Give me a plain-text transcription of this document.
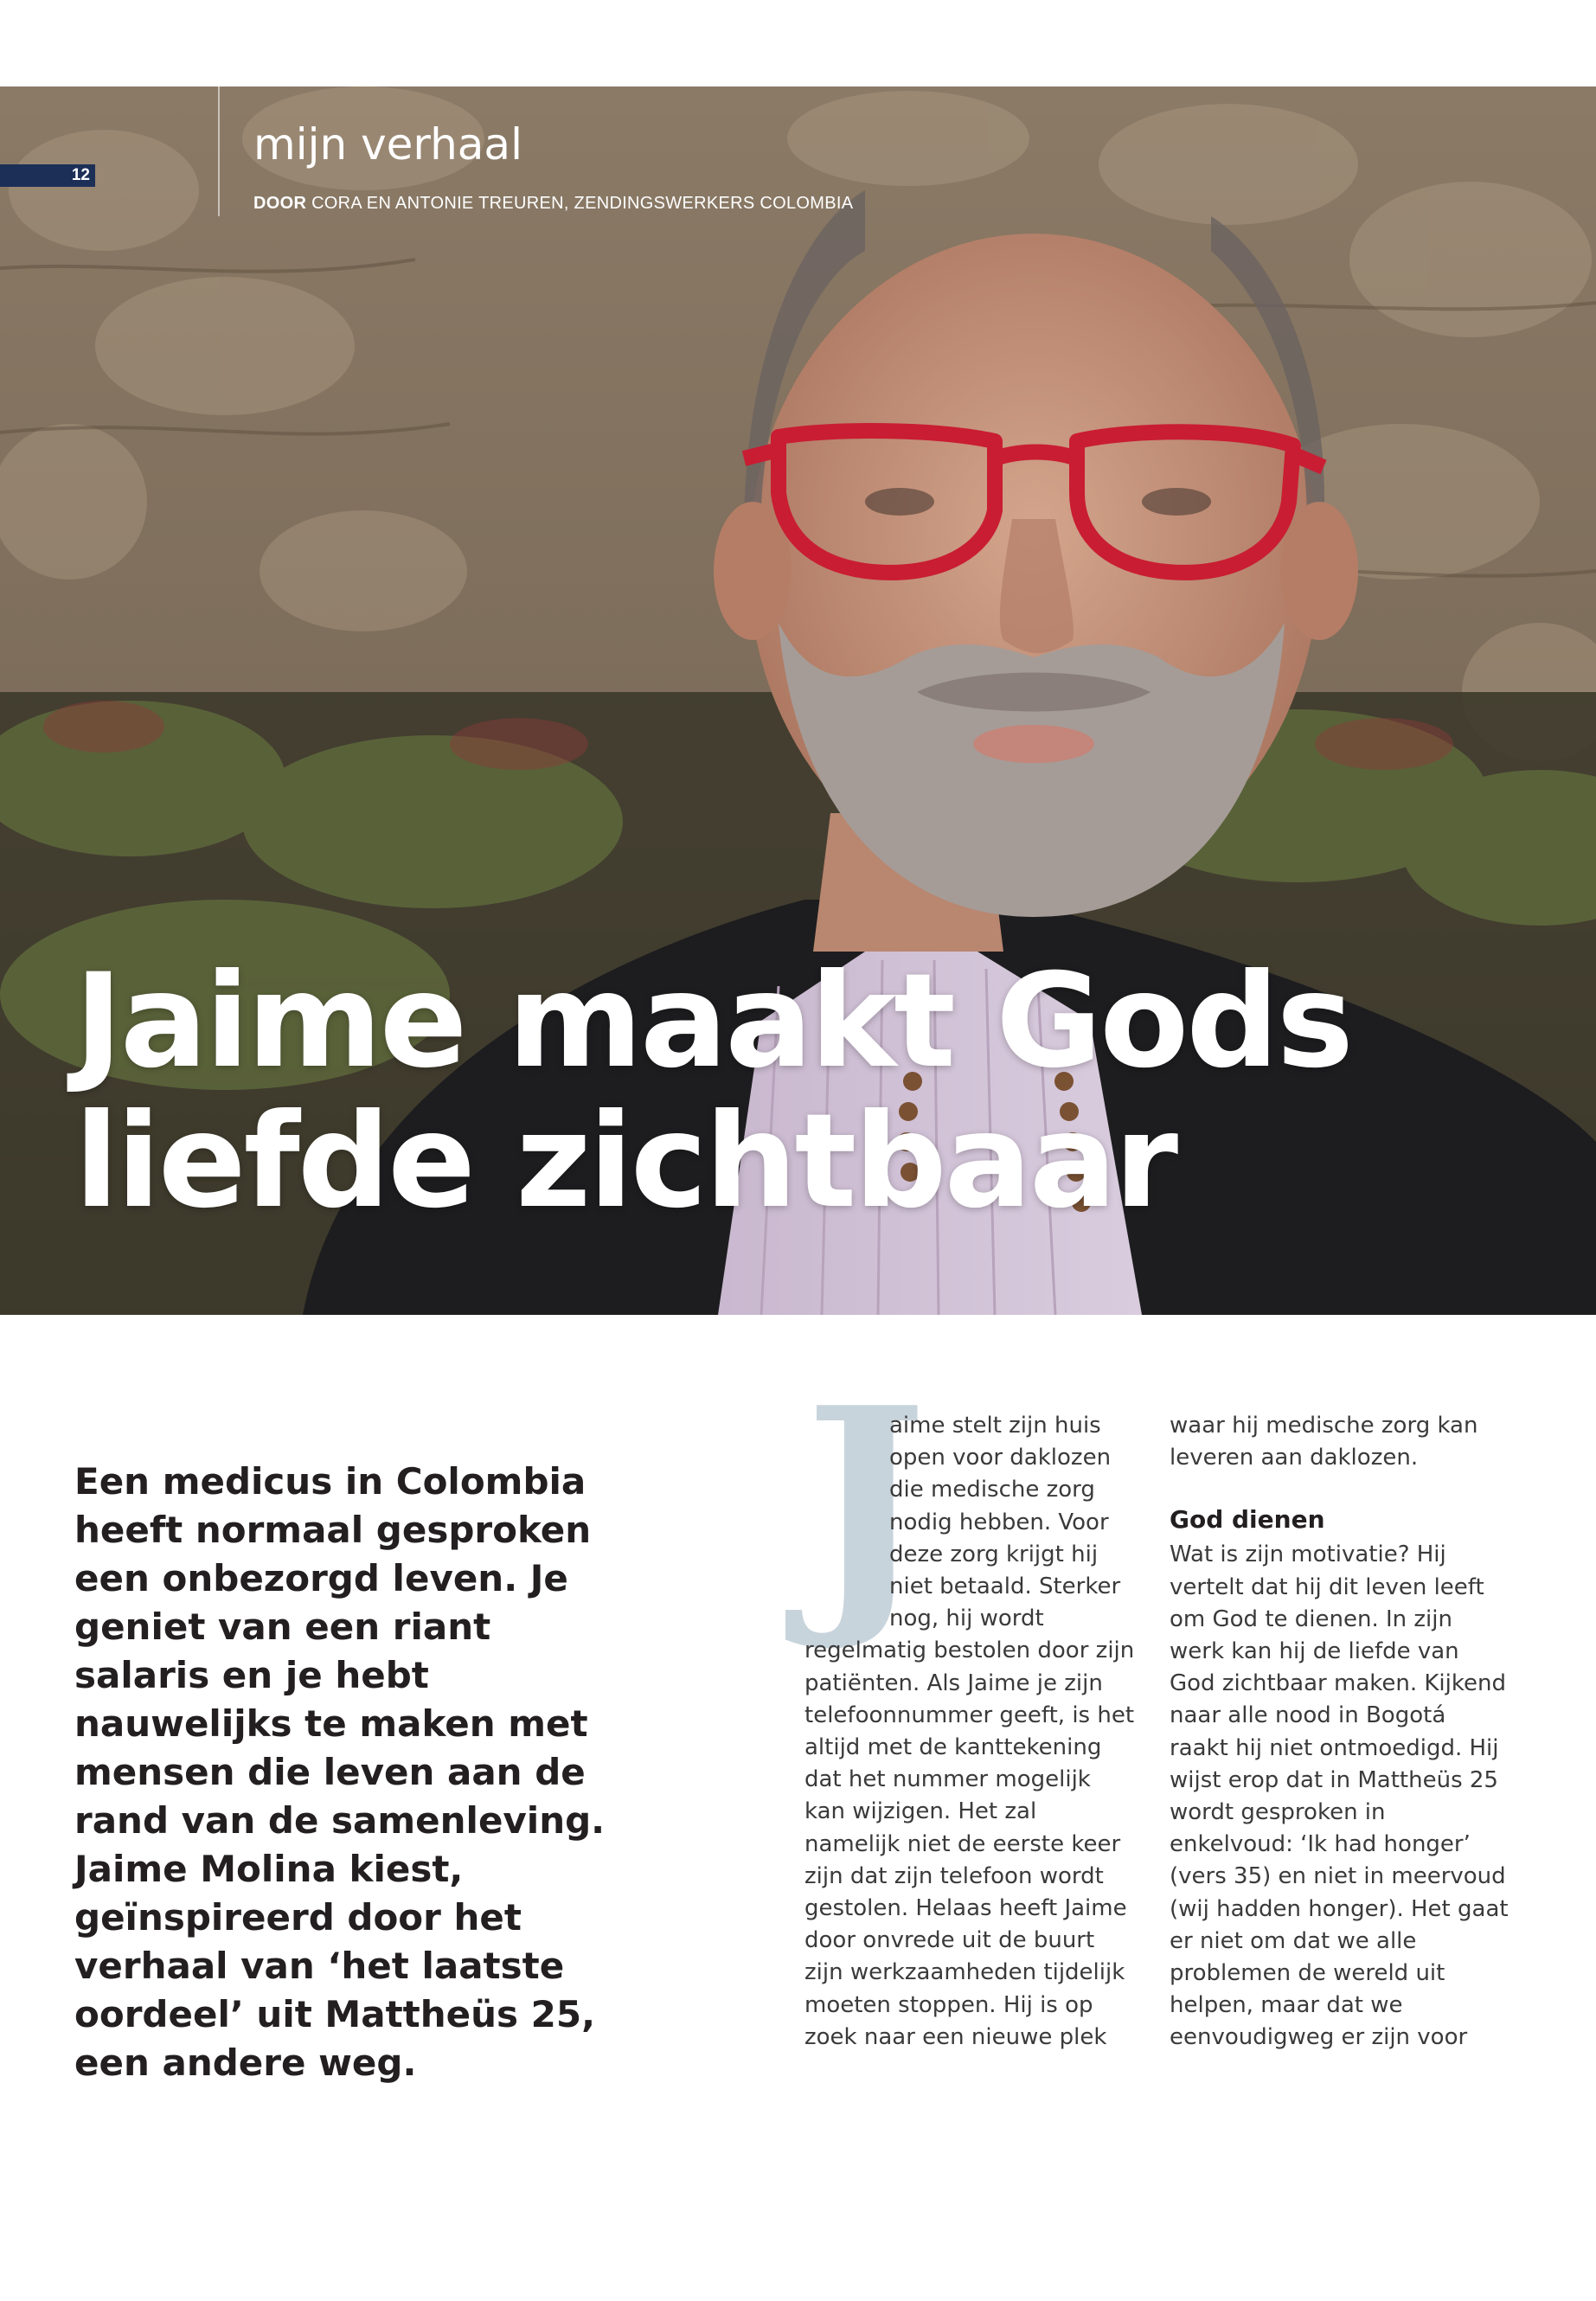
12
mijn verhaal
DOOR CORA EN ANTONIE TREUREN, ZENDINGSWERKERS COLOMBIA
Jaime maakt Gods
liefde zichtbaar

Een medicus in Colombia heeft normaal gesproken een onbezorgd leven. Je geniet van een riant salaris en je hebt nauwelijks te maken met mensen die leven aan de rand van de samenleving. Jaime Molina kiest, geïnspireerd door het verhaal van ‘het laatste oordeel’ uit Mattheüs 25, een andere weg.

J

aime stelt zijn huis open voor daklozen die medische zorg nodig hebben. Voor deze zorg krijgt hij niet betaald. Sterker nog, hij wordt regelmatig bestolen door zijn patiënten. Als Jaime je zijn telefoonnummer geeft, is het altijd met de kanttekening dat het nummer mogelijk kan wijzigen. Het zal namelijk niet de eerste keer zijn dat zijn telefoon wordt gestolen. Helaas heeft Jaime door onvrede uit de buurt zijn werkzaamheden tijdelijk moeten stoppen. Hij is op zoek naar een nieuwe plek

waar hij medische zorg kan leveren aan daklozen.

God dienen

Wat is zijn motivatie? Hij vertelt dat hij dit leven leeft om God te dienen. In zijn werk kan hij de liefde van God zichtbaar maken. Kijkend naar alle nood in Bogotá raakt hij niet ontmoedigd. Hij wijst erop dat in Mattheüs 25 wordt gesproken in enkelvoud: ‘Ik had honger’ (vers 35) en niet in meervoud (wij hadden honger). Het gaat er niet om dat we alle problemen de wereld uit helpen, maar dat we eenvoudigweg er zijn voor
